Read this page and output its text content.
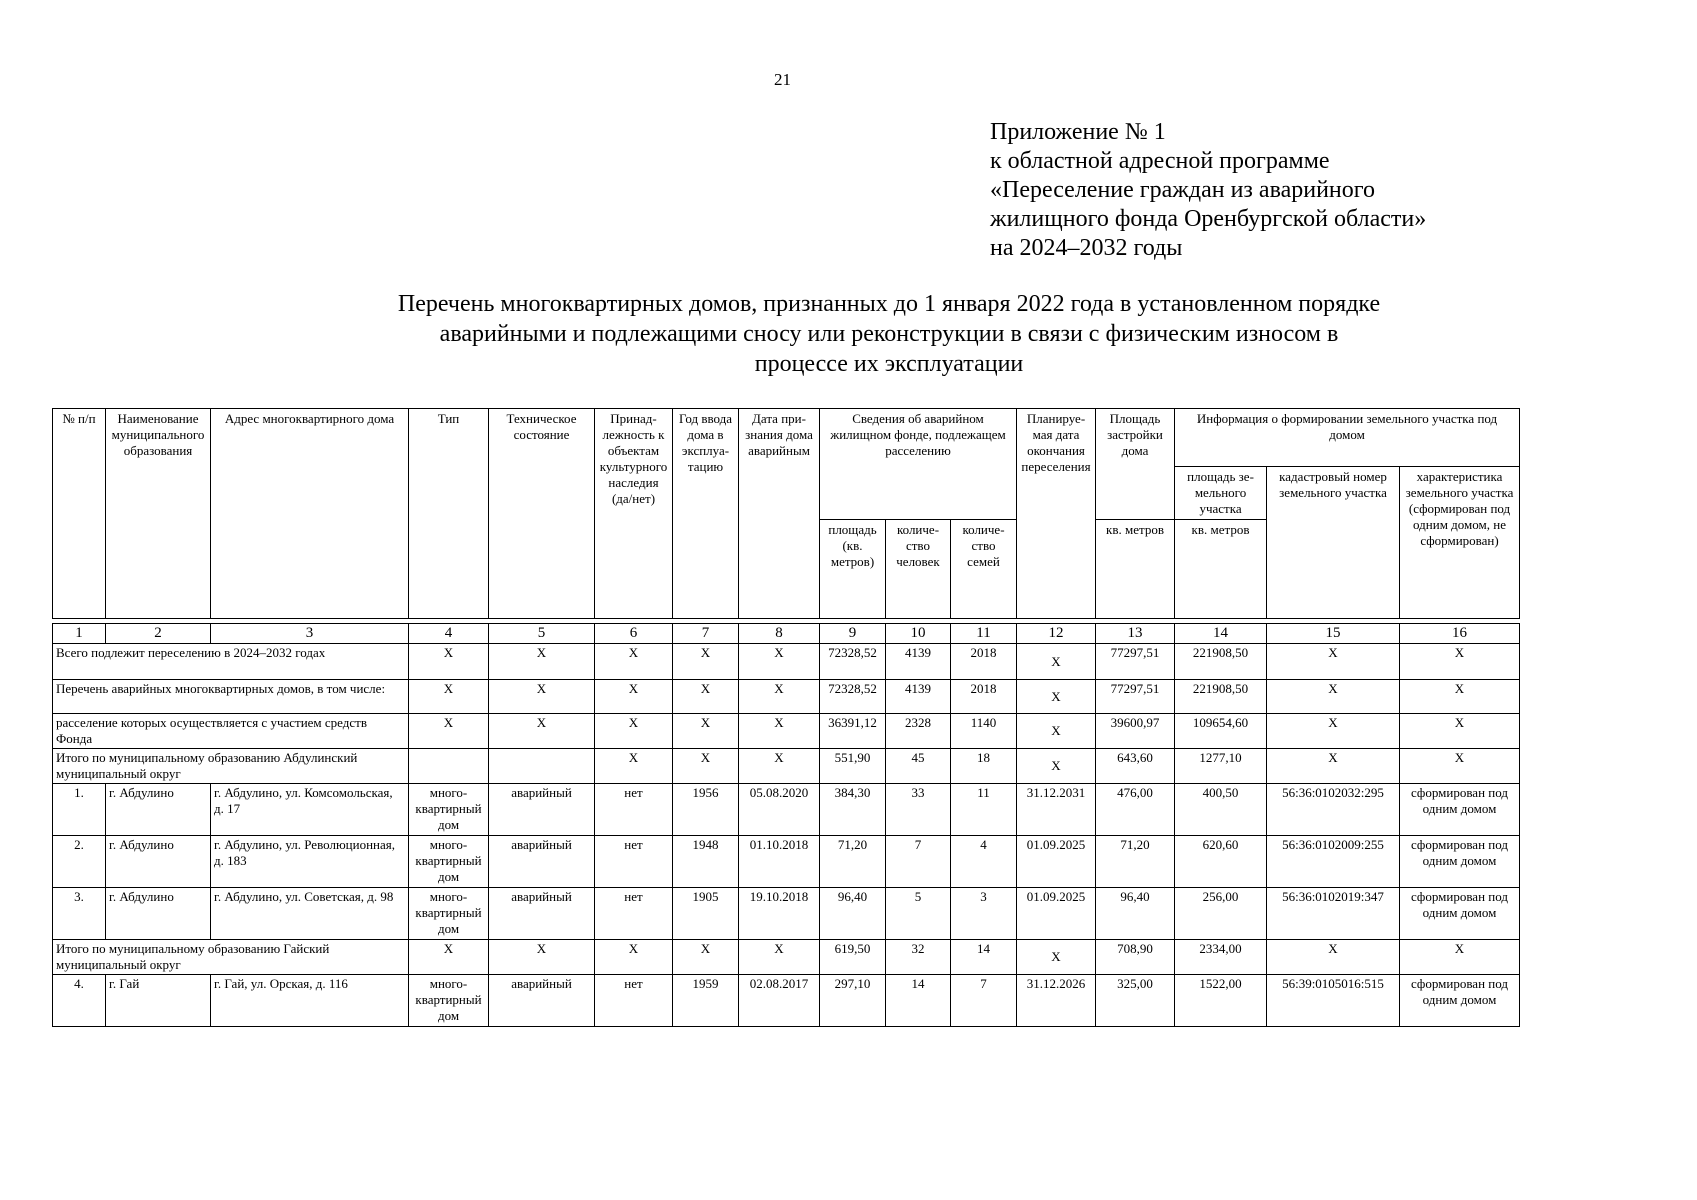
21
Приложение № 1
к областной адресной программе
«Переселение граждан из аварийного
жилищного фонда Оренбургской области»
на 2024–2032 годы
Перечень многоквартирных домов, признанных до 1 января 2022 года в установленном порядке
аварийными и подлежащими сносу или реконструкции в связи с физическим износом в
процессе их эксплуатации
№ п/п	Наименование муниципального образования	Адрес многоквартирного дома	Тип	Техническое состояние	Принадлежность к объектам культурного наследия (да/нет)	Год ввода дома в эксплуатацию	Дата признания дома аварийным	Сведения об аварийном жилищном фонде, подлежащем расселению			Планируемая дата окончания переселения	Площадь застройки дома	Информация о формировании земельного участка под домом		
													площадь земельного участка	кадастровый номер земельного участка	характеристика земельного участка (сформирован под одним домом, не сформирован)
								площадь (кв. метров)	количество человек	количество семей		кв. метров	кв. метров		
1	2	3	4	5	6	7	8	9	10	11	12	13	14	15	16
Всего подлежит переселению в 2024–2032 годах			Х	Х	Х	Х	Х	72328,52	4139	2018	Х	77297,51	221908,50	Х	Х
Перечень аварийных многоквартирных домов, в том числе:			Х	Х	Х	Х	Х	72328,52	4139	2018	Х	77297,51	221908,50	Х	Х
расселение которых осуществляется с участием средств Фонда			Х	Х	Х	Х	Х	36391,12	2328	1140	Х	39600,97	109654,60	Х	Х
Итого по муниципальному образованию Абдулинский муниципальный округ					Х	Х	Х	551,90	45	18	Х	643,60	1277,10	Х	Х
1.	г. Абдулино	г. Абдулино, ул. Комсомольская, д. 17	многоквартирный дом	аварийный	нет	1956	05.08.2020	384,30	33	11	31.12.2031	476,00	400,50	56:36:0102032:295	сформирован под одним домом
2.	г. Абдулино	г. Абдулино, ул. Революционная, д. 183	многоквартирный дом	аварийный	нет	1948	01.10.2018	71,20	7	4	01.09.2025	71,20	620,60	56:36:0102009:255	сформирован под одним домом
3.	г. Абдулино	г. Абдулино, ул. Советская, д. 98	многоквартирный дом	аварийный	нет	1905	19.10.2018	96,40	5	3	01.09.2025	96,40	256,00	56:36:0102019:347	сформирован под одним домом
Итого по муниципальному образованию Гайский муниципальный округ			Х	Х	Х	Х	Х	619,50	32	14	Х	708,90	2334,00	Х	Х
4.	г. Гай	г. Гай, ул. Орская, д. 116	многоквартирный дом	аварийный	нет	1959	02.08.2017	297,10	14	7	31.12.2026	325,00	1522,00	56:39:0105016:515	сформирован под одним домом
